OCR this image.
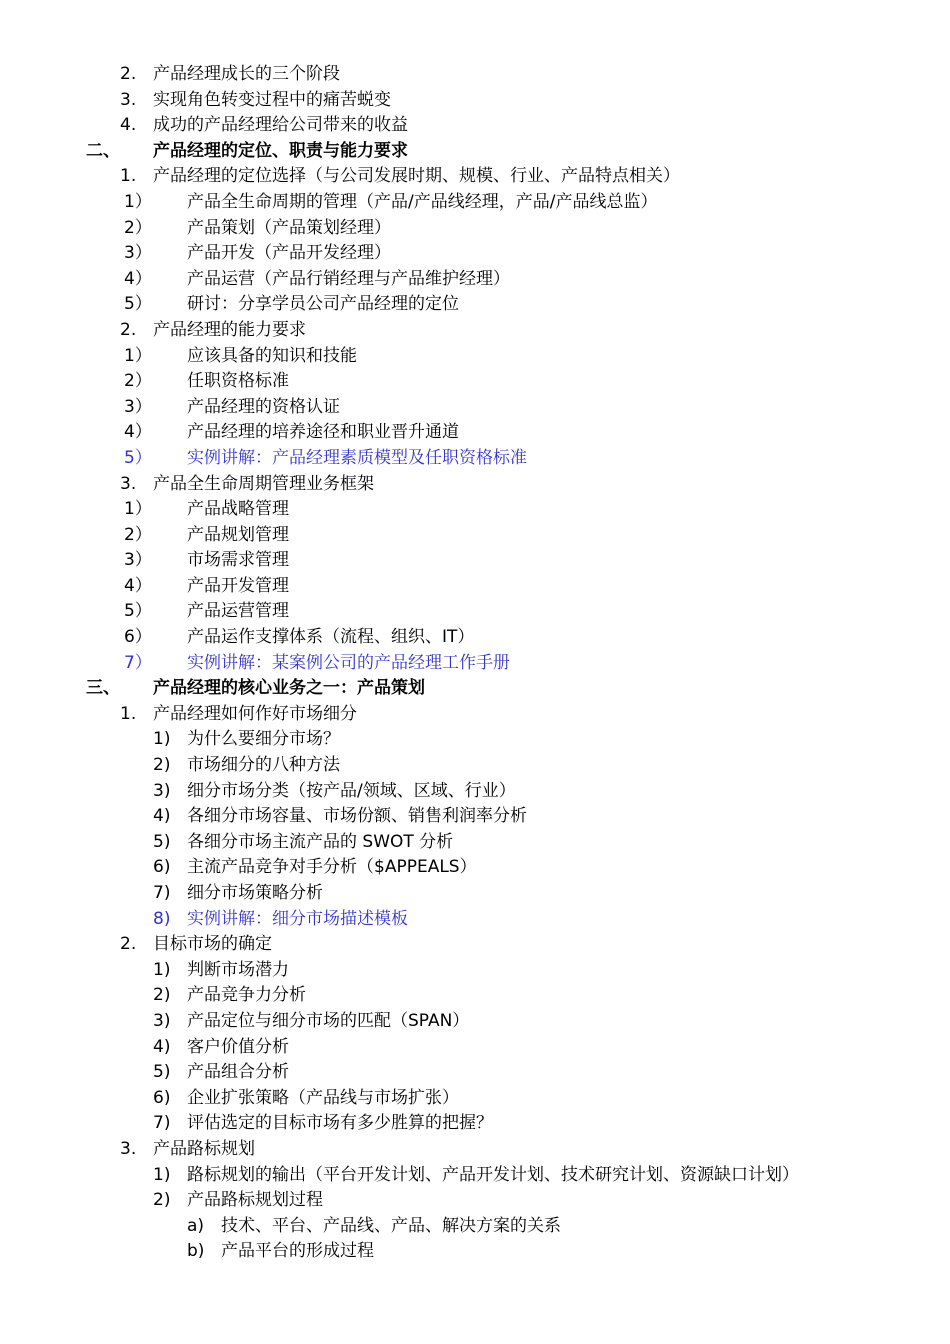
2. 产品经理成长的三个阶段
3. 实现角色转变过程中的痛苦蜕变
4. 成功的产品经理给公司带来的收益
二、 产品经理的定位、职责与能力要求
1. 产品经理的定位选择（与公司发展时期、规模、行业、产品特点相关）
1） 产品全生命周期的管理（产品/产品线经理，产品/产品线总监）
2） 产品策划（产品策划经理）
3） 产品开发（产品开发经理）
4） 产品运营（产品行销经理与产品维护经理）
5） 研讨：分享学员公司产品经理的定位
2. 产品经理的能力要求
1） 应该具备的知识和技能
2） 任职资格标准
3） 产品经理的资格认证
4） 产品经理的培养途径和职业晋升通道
5） 实例讲解：产品经理素质模型及任职资格标准
3. 产品全生命周期管理业务框架
1） 产品战略管理
2） 产品规划管理
3） 市场需求管理
4） 产品开发管理
5） 产品运营管理
6） 产品运作支撑体系（流程、组织、IT）
7） 实例讲解：某案例公司的产品经理工作手册
三、 产品经理的核心业务之一：产品策划
1. 产品经理如何作好市场细分
1) 为什么要细分市场？
2) 市场细分的八种方法
3) 细分市场分类（按产品/领域、区域、行业）
4) 各细分市场容量、市场份额、销售利润率分析
5) 各细分市场主流产品的 SWOT 分析
6) 主流产品竞争对手分析（$APPEALS）
7) 细分市场策略分析
8) 实例讲解：细分市场描述模板
2. 目标市场的确定
1) 判断市场潜力
2) 产品竞争力分析
3) 产品定位与细分市场的匹配（SPAN）
4) 客户价值分析
5) 产品组合分析
6) 企业扩张策略（产品线与市场扩张）
7) 评估选定的目标市场有多少胜算的把握？
3. 产品路标规划
1) 路标规划的输出（平台开发计划、产品开发计划、技术研究计划、资源缺口计划）
2) 产品路标规划过程
a) 技术、平台、产品线、产品、解决方案的关系
b) 产品平台的形成过程
